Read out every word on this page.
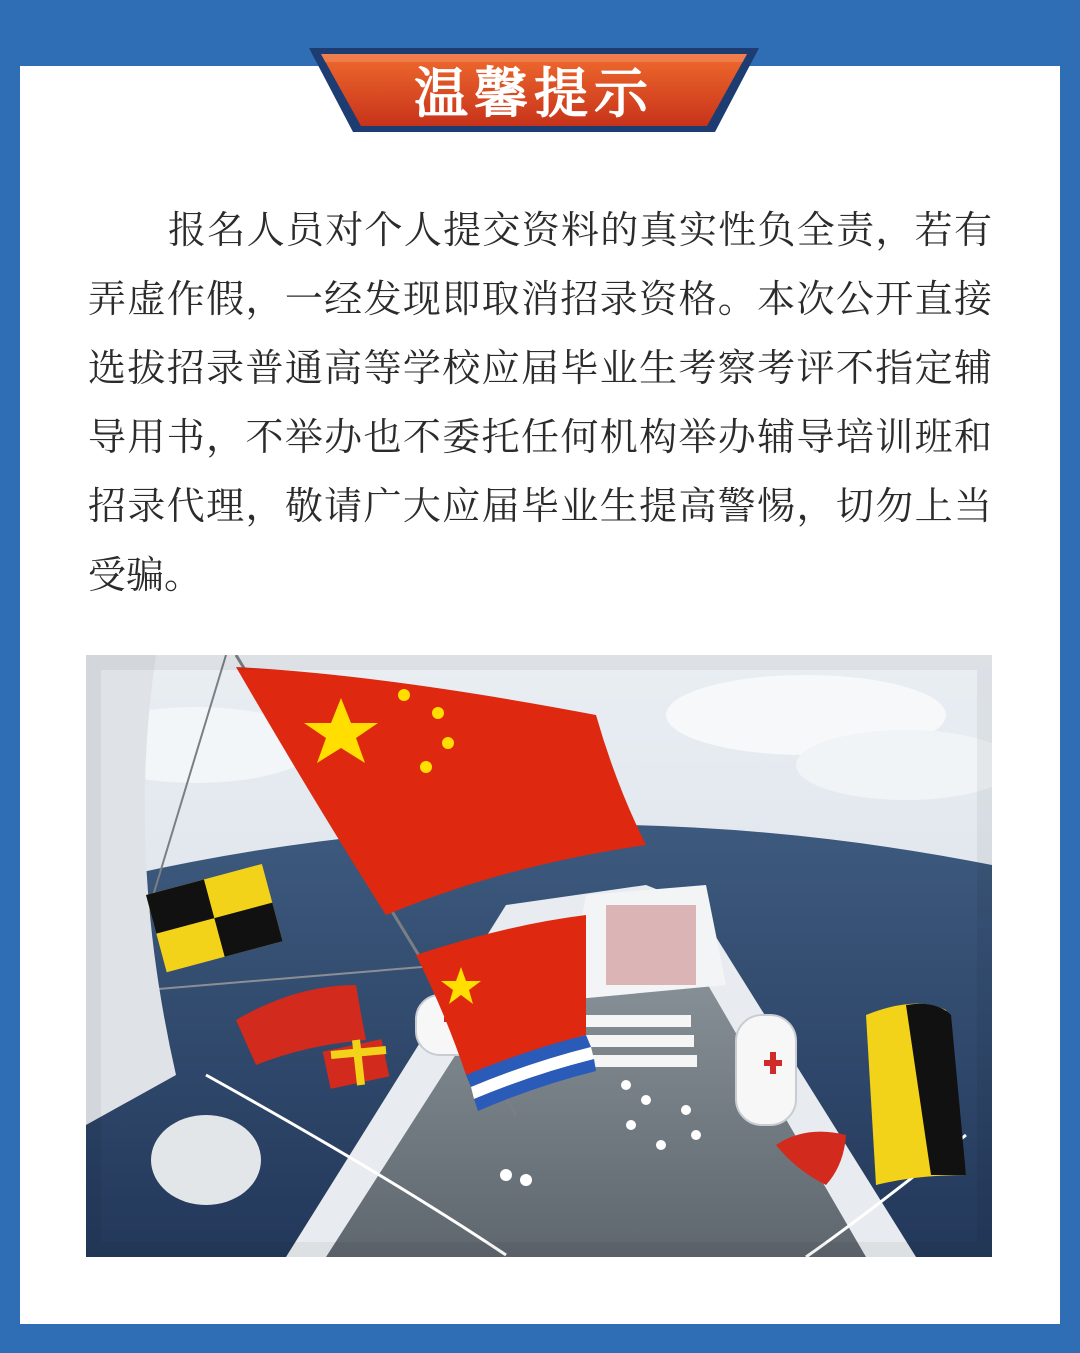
温馨提示

报名人员对个人提交资料的真实性负全责，若有弄虚作假，一经发现即取消招录资格。本次公开直接选拔招录普通高等学校应届毕业生考察考评不指定辅导用书，不举办也不委托任何机构举办辅导培训班和招录代理，敬请广大应届毕业生提高警惕，切勿上当受骗。
